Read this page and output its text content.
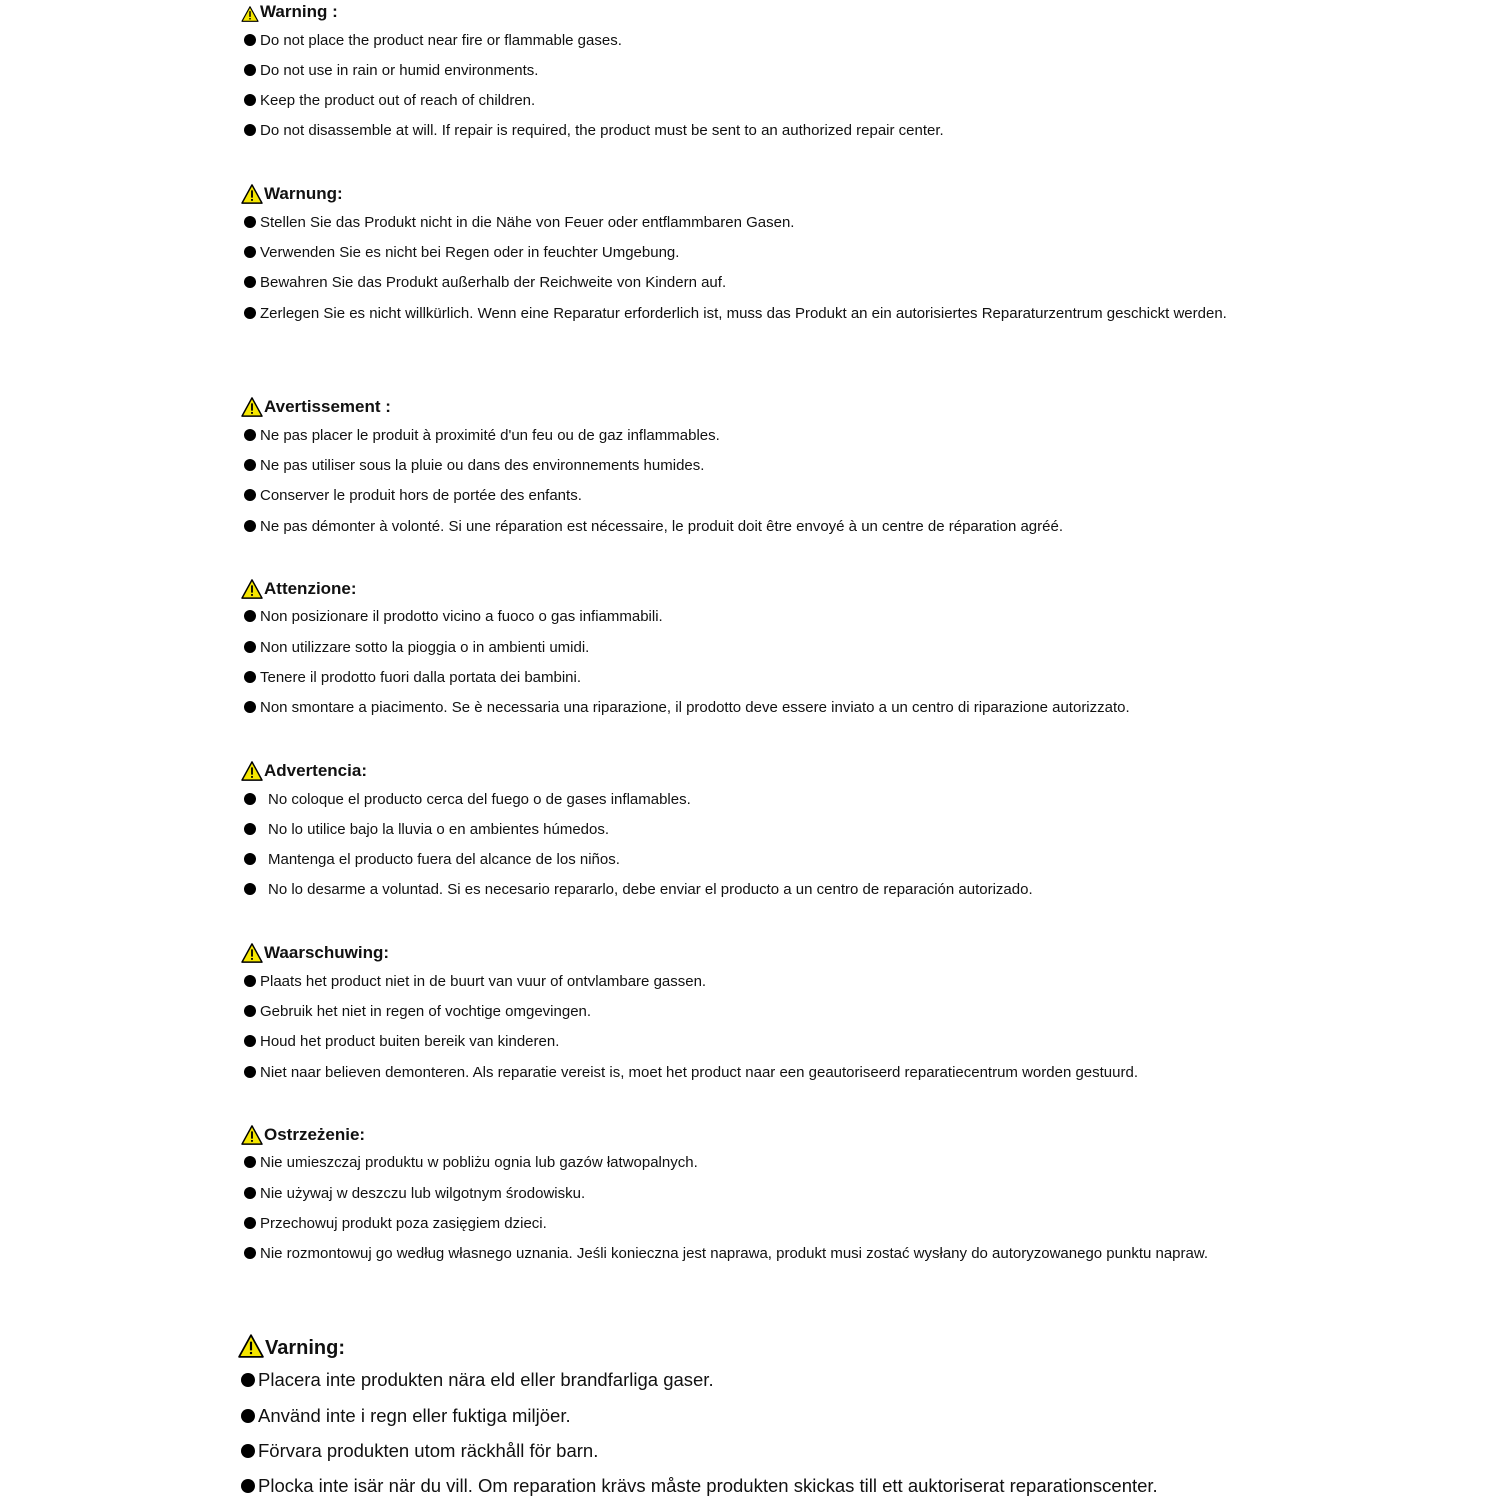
Warning :
Do not place the product near fire or flammable gases.
Do not use in rain or humid environments.
Keep the product out of reach of children.
Do not disassemble at will. If repair is required, the product must be sent to an authorized repair center.
Warnung:
Stellen Sie das Produkt nicht in die Nähe von Feuer oder entflammbaren Gasen.
Verwenden Sie es nicht bei Regen oder in feuchter Umgebung.
Bewahren Sie das Produkt außerhalb der Reichweite von Kindern auf.
Zerlegen Sie es nicht willkürlich. Wenn eine Reparatur erforderlich ist, muss das Produkt an ein autorisiertes Reparaturzentrum geschickt werden.
Avertissement :
Ne pas placer le produit à proximité d'un feu ou de gaz inflammables.
Ne pas utiliser sous la pluie ou dans des environnements humides.
Conserver le produit hors de portée des enfants.
Ne pas démonter à volonté. Si une réparation est nécessaire, le produit doit être envoyé à un centre de réparation agréé.
Attenzione:
Non posizionare il prodotto vicino a fuoco o gas infiammabili.
Non utilizzare sotto la pioggia o in ambienti umidi.
Tenere il prodotto fuori dalla portata dei bambini.
Non smontare a piacimento. Se è necessaria una riparazione, il prodotto deve essere inviato a un centro di riparazione autorizzato.
Advertencia:
No coloque el producto cerca del fuego o de gases inflamables.
No lo utilice bajo la lluvia o en ambientes húmedos.
Mantenga el producto fuera del alcance de los niños.
No lo desarme a voluntad. Si es necesario repararlo, debe enviar el producto a un centro de reparación autorizado.
Waarschuwing:
Plaats het product niet in de buurt van vuur of ontvlambare gassen.
Gebruik het niet in regen of vochtige omgevingen.
Houd het product buiten bereik van kinderen.
Niet naar believen demonteren. Als reparatie vereist is, moet het product naar een geautoriseerd reparatiecentrum worden gestuurd.
Ostrzeżenie:
Nie umieszczaj produktu w pobliżu ognia lub gazów łatwopalnych.
Nie używaj w deszczu lub wilgotnym środowisku.
Przechowuj produkt poza zasięgiem dzieci.
Nie rozmontowuj go według własnego uznania. Jeśli konieczna jest naprawa, produkt musi zostać wysłany do autoryzowanego punktu napraw.
Varning:
Placera inte produkten nära eld eller brandfarliga gaser.
Använd inte i regn eller fuktiga miljöer.
Förvara produkten utom räckhåll för barn.
Plocka inte isär när du vill. Om reparation krävs måste produkten skickas till ett auktoriserat reparationscenter.
